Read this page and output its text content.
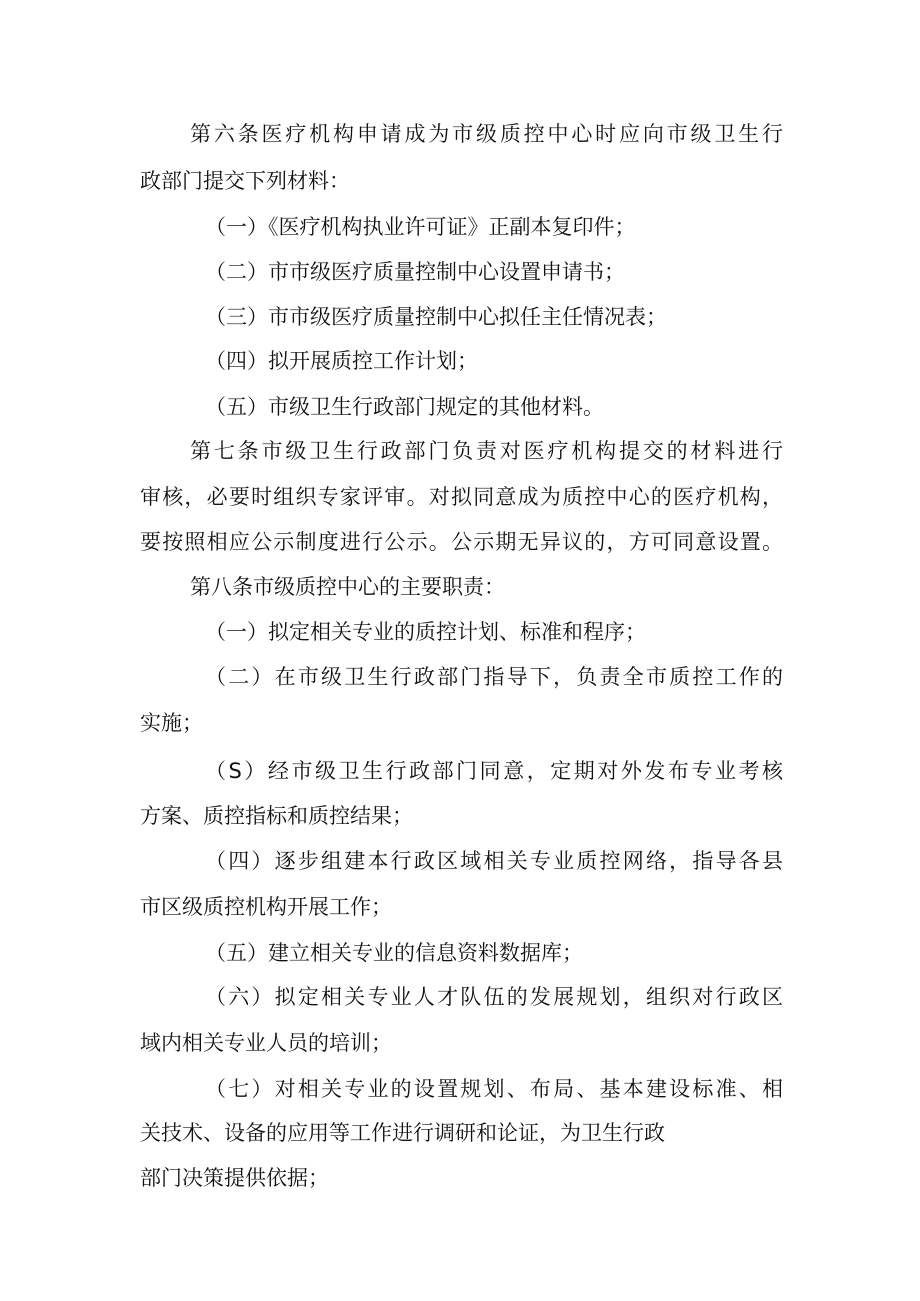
第六条医疗机构申请成为市级质控中心时应向市级卫生行
政部门提交下列材料：
（一）《医疗机构执业许可证》正副本复印件；
（二）市市级医疗质量控制中心设置申请书；
（三）市市级医疗质量控制中心拟任主任情况表；
（四）拟开展质控工作计划；
（五）市级卫生行政部门规定的其他材料。
第七条市级卫生行政部门负责对医疗机构提交的材料进行
审核，必要时组织专家评审。对拟同意成为质控中心的医疗机构，
要按照相应公示制度进行公示。公示期无异议的，方可同意设置。
第八条市级质控中心的主要职责：
（一）拟定相关专业的质控计划、标准和程序；
（二）在市级卫生行政部门指导下，负责全市质控工作的
实施；
（S）经市级卫生行政部门同意，定期对外发布专业考核
方案、质控指标和质控结果；
（四）逐步组建本行政区域相关专业质控网络，指导各县
市区级质控机构开展工作；
（五）建立相关专业的信息资料数据库；
（六）拟定相关专业人才队伍的发展规划，组织对行政区
域内相关专业人员的培训；
（七）对相关专业的设置规划、布局、基本建设标准、相
关技术、设备的应用等工作进行调研和论证，为卫生行政
部门决策提供依据；
